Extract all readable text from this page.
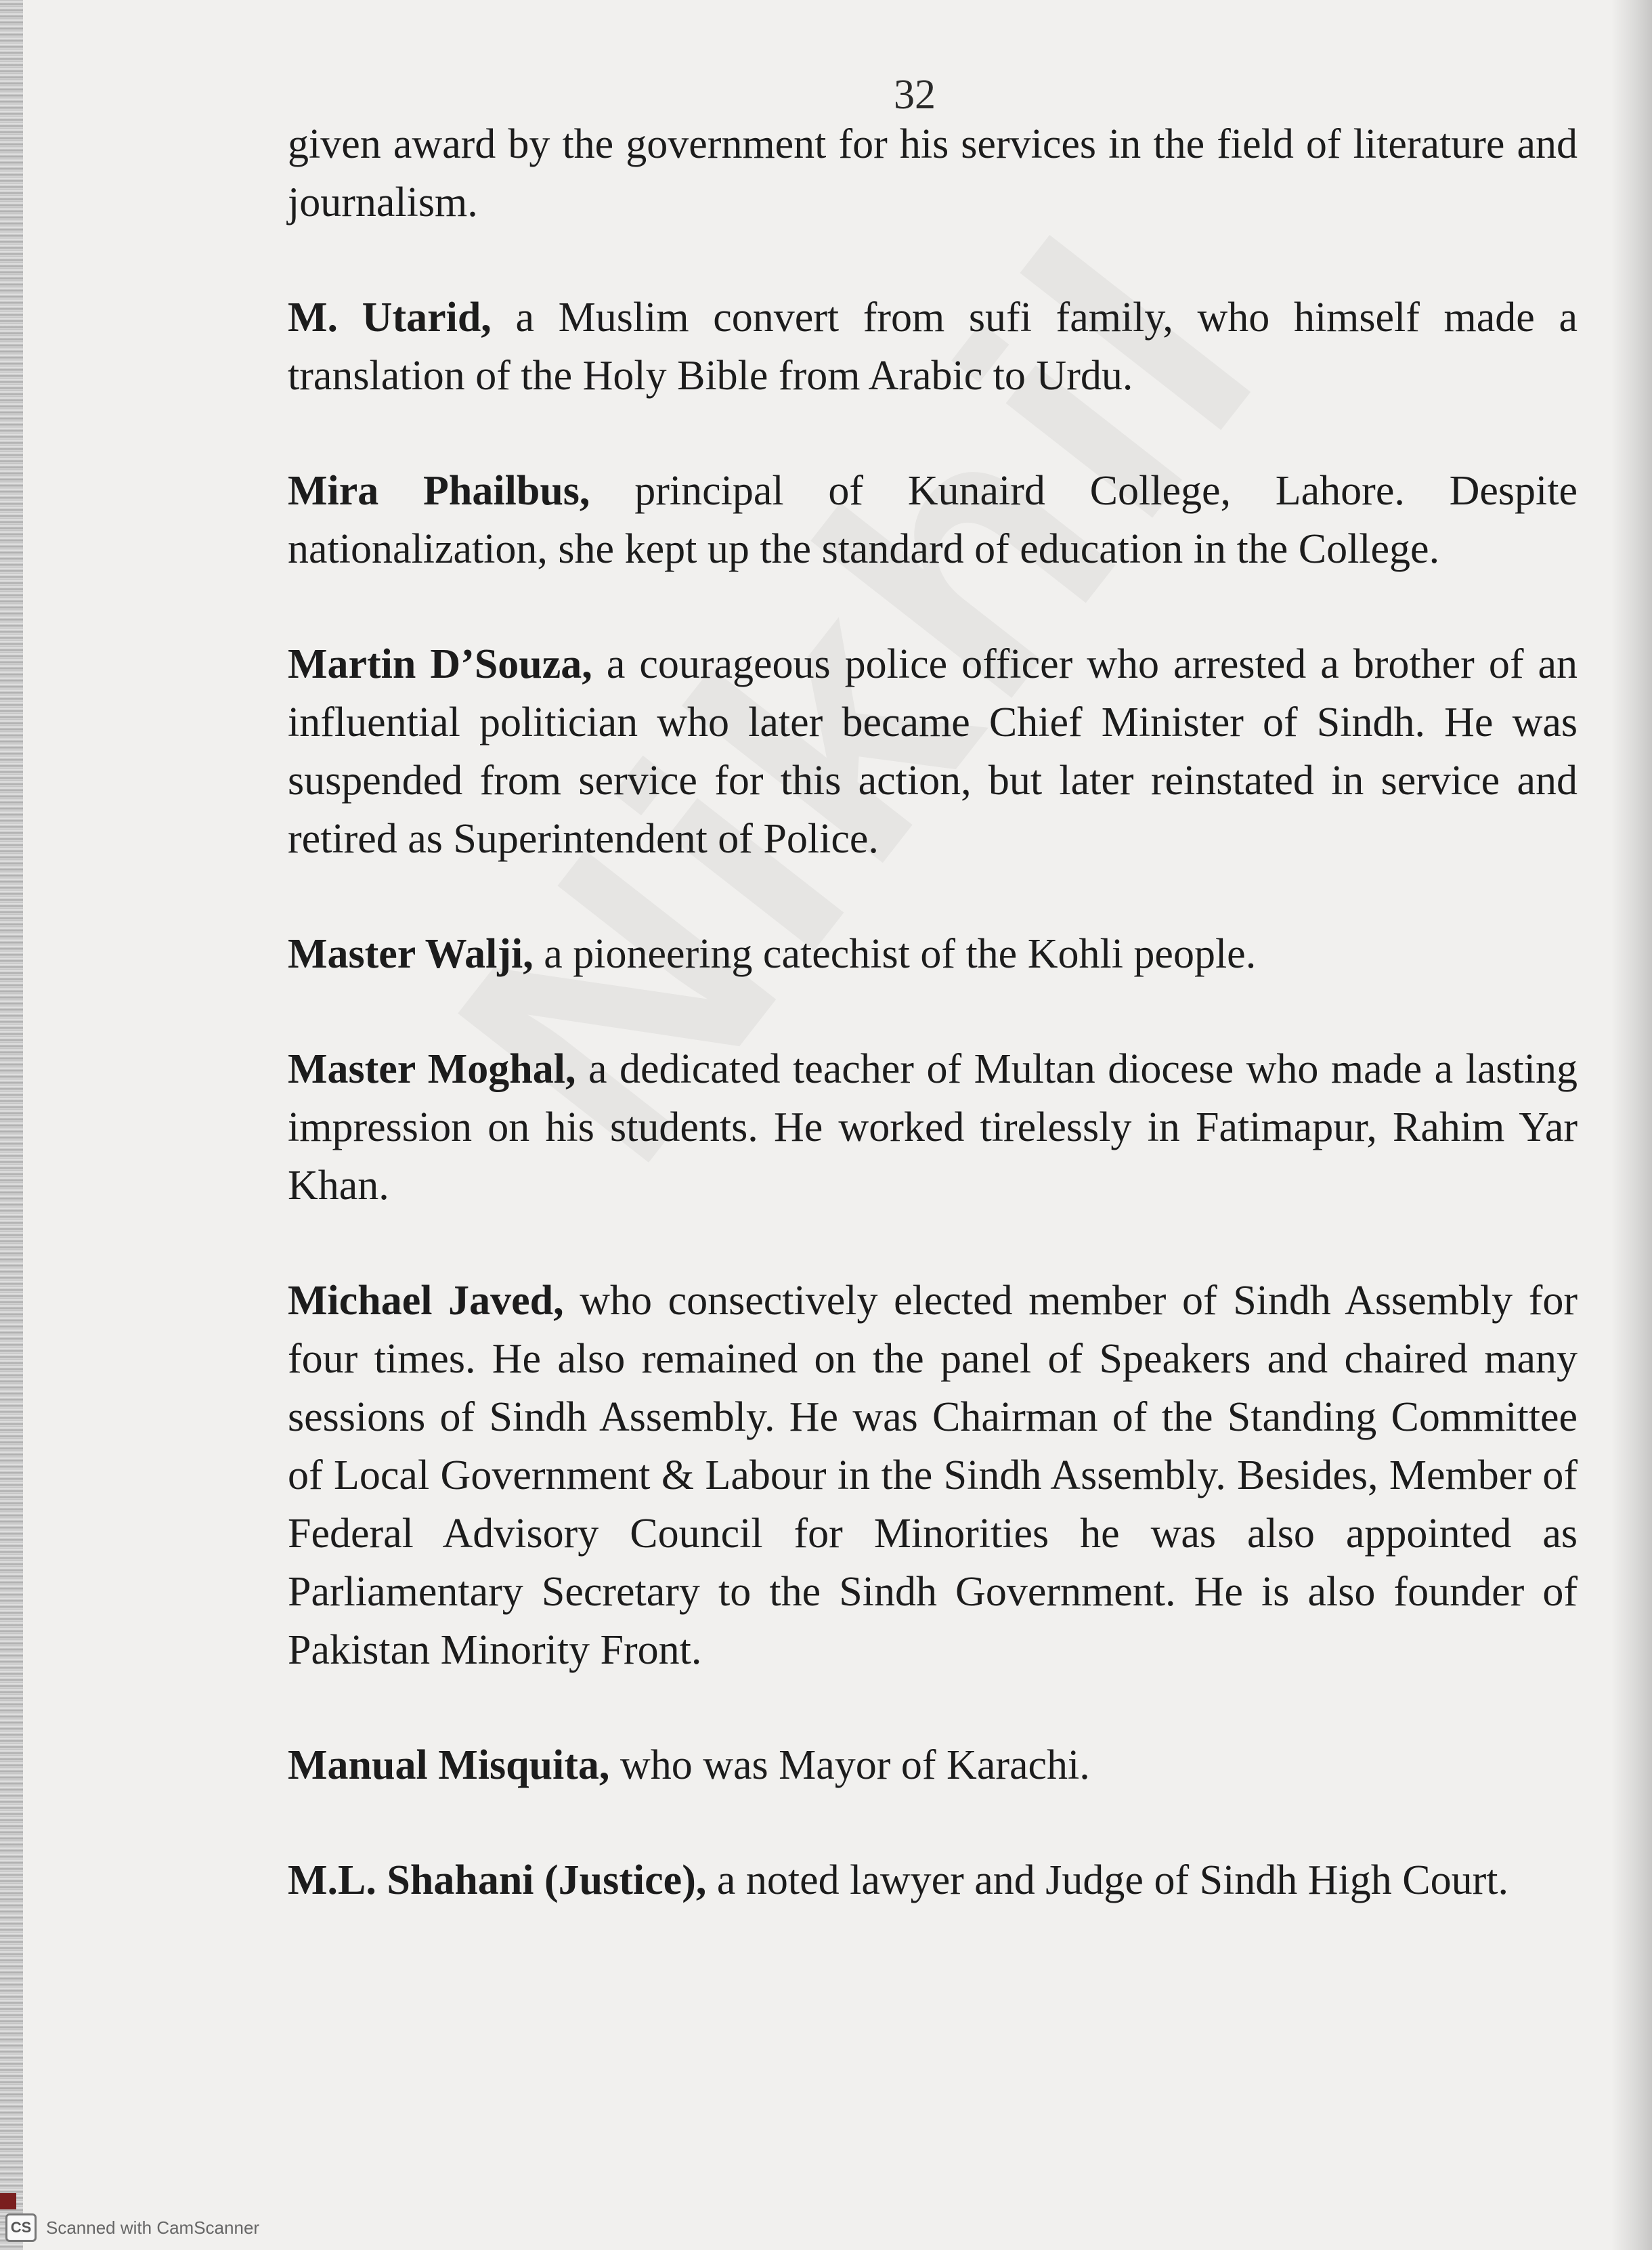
32

given award by the government for his services in the field of literature and journalism.

M. Utarid, a Muslim convert from sufi family, who himself made a translation of the Holy Bible from Arabic to Urdu.

Mira Phailbus, principal of Kunaird College, Lahore. Despite nationalization, she kept up the standard of education in the College.

Martin D’Souza, a courageous police officer who arrested a brother of an influential politician who later became Chief Minister of Sindh. He was suspended from service for this action, but later reinstated in service and retired as Superintendent of Police.

Master Walji, a pioneering catechist of the Kohli people.

Master Moghal, a dedicated teacher of Multan diocese who made a lasting impression on his students. He worked tirelessly in Fatimapur, Rahim Yar Khan.

Michael Javed, who consectively elected member of Sindh Assembly for four times. He also remained on the panel of Speakers and chaired many sessions of Sindh Assembly. He was Chairman of the Standing Committee of Local Government & Labour in the Sindh Assembly. Besides, Member of Federal Advisory Council for Minorities he was also appointed as Parliamentary Secretary to the Sindh Government. He is also founder of Pakistan Minority Front.

Manual Misquita, who was Mayor of Karachi.

M.L. Shahani (Justice), a noted lawyer and Judge of Sindh High Court.

CS Scanned with CamScanner
